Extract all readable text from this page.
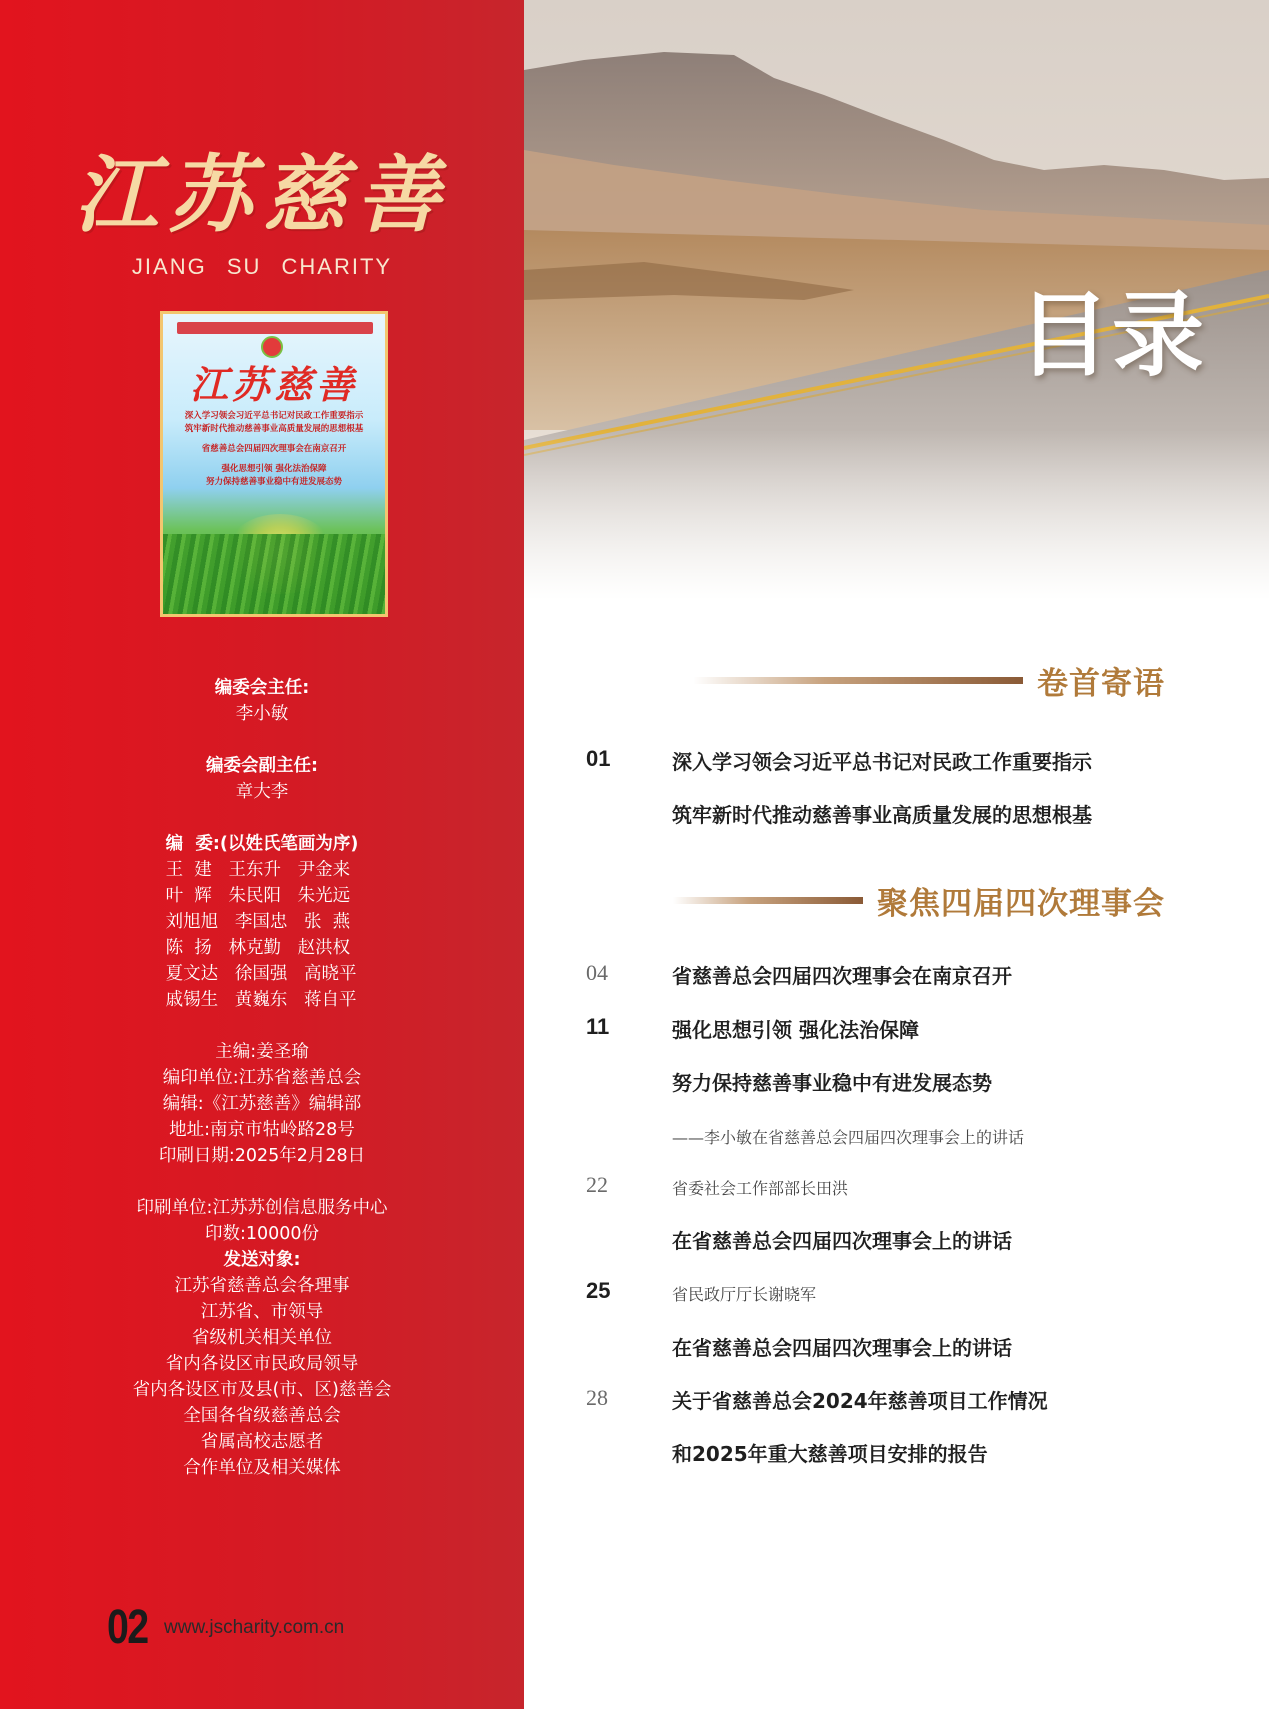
江苏慈善
JIANG SU CHARITY
江苏慈善
深入学习领会习近平总书记对民政工作重要指示
筑牢新时代推动慈善事业高质量发展的思想根基
省慈善总会四届四次理事会在南京召开
强化思想引领 强化法治保障
努力保持慈善事业稳中有进发展态势
编委会主任:
李小敏
编委会副主任:
章大李
编  委:(以姓氏笔画为序)
王  建   王东升   尹金来
叶  辉   朱民阳   朱光远
刘旭旭   李国忠   张  燕
陈  扬   林克勤   赵洪权
夏文达   徐国强   高晓平
戚锡生   黄巍东   蒋自平
主编:姜圣瑜
编印单位:江苏省慈善总会
编辑:《江苏慈善》编辑部
地址:南京市牯岭路28号
印刷日期:2025年2月28日
印刷单位:江苏苏创信息服务中心
印数:10000份
发送对象:
江苏省慈善总会各理事
江苏省、市领导
省级机关相关单位
省内各设区市民政局领导
省内各设区市及县(市、区)慈善会
全国各省级慈善总会
省属高校志愿者
合作单位及相关媒体
02 www.jscharity.com.cn
目录
卷首寄语
01	深入学习领会习近平总书记对民政工作重要指示
筑牢新时代推动慈善事业高质量发展的思想根基
聚焦四届四次理事会
04	省慈善总会四届四次理事会在南京召开
11	强化思想引领 强化法治保障
努力保持慈善事业稳中有进发展态势
——李小敏在省慈善总会四届四次理事会上的讲话
22	省委社会工作部部长田洪
在省慈善总会四届四次理事会上的讲话
25	省民政厅厅长谢晓军
在省慈善总会四届四次理事会上的讲话
28	关于省慈善总会2024年慈善项目工作情况
和2025年重大慈善项目安排的报告
